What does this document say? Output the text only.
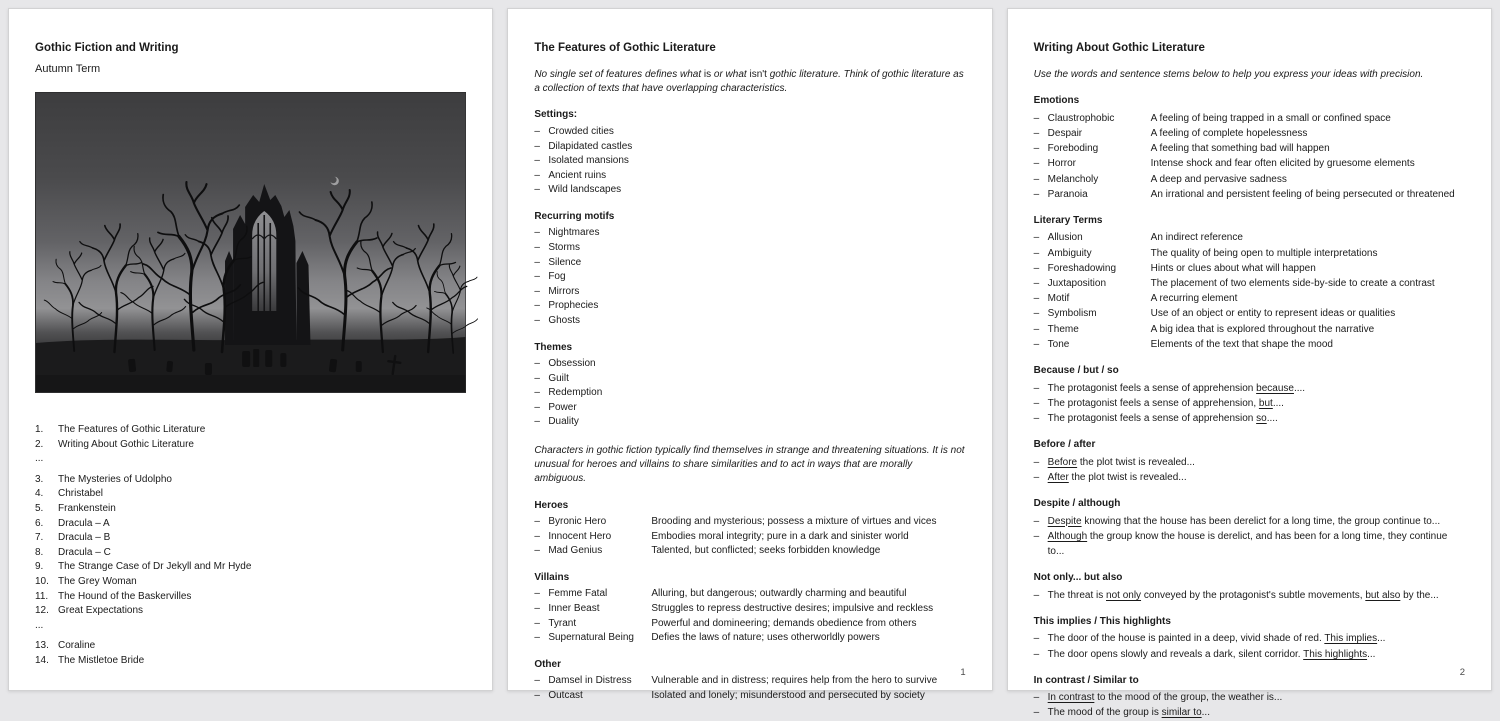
Gothic Fiction and Writing
Autumn Term
1.	The Features of Gothic Literature
2.	Writing About Gothic Literature
...
3.	The Mysteries of Udolpho
4.	Christabel
5.	Frankenstein
6.	Dracula – A
7.	Dracula – B
8.	Dracula – C
9.	The Strange Case of Dr Jekyll and Mr Hyde
10. The Grey Woman
11. The Hound of the Baskervilles
12. Great Expectations
...
13. Coraline
14. The Mistletoe Bride
The Features of Gothic Literature

No single set of features defines what is or what isn't gothic literature. Think of gothic literature as a collection of texts that have overlapping characteristics.

Settings:
– Crowded cities
– Dilapidated castles
– Isolated mansions
– Ancient ruins
– Wild landscapes
Recurring motifs
– Nightmares
– Storms
– Silence
– Fog
– Mirrors
– Prophecies
– Ghosts
Themes
– Obsession
– Guilt
– Redemption
– Power
– Duality

Characters in gothic fiction typically find themselves in strange and threatening situations. It is not unusual for heroes and villains to share similarities and to act in ways that are morally ambiguous.

Heroes
– Byronic Hero	Brooding and mysterious; possess a mixture of virtues and vices
– Innocent Hero	Embodies moral integrity; pure in a dark and sinister world
– Mad Genius	Talented, but conflicted; seeks forbidden knowledge
Villains
– Femme Fatal	Alluring, but dangerous; outwardly charming and beautiful
– Inner Beast	Struggles to repress destructive desires; impulsive and reckless
– Tyrant	Powerful and domineering; demands obedience from others
– Supernatural Being	Defies the laws of nature; uses otherworldly powers
Other
– Damsel in Distress	Vulnerable and in distress; requires help from the hero to survive
– Outcast	Isolated and lonely; misunderstood and persecuted by society
1
Writing About Gothic Literature

Use the words and sentence stems below to help you express your ideas with precision.

Emotions
– Claustrophobic	A feeling of being trapped in a small or confined space
– Despair	A feeling of complete hopelessness
– Foreboding	A feeling that something bad will happen
– Horror	Intense shock and fear often elicited by gruesome elements
– Melancholy	A deep and pervasive sadness
– Paranoia	An irrational and persistent feeling of being persecuted or threatened
Literary Terms
– Allusion	An indirect reference
– Ambiguity	The quality of being open to multiple interpretations
– Foreshadowing	Hints or clues about what will happen
– Juxtaposition	The placement of two elements side-by-side to create a contrast
– Motif	A recurring element
– Symbolism	Use of an object or entity to represent ideas or qualities
– Theme	A big idea that is explored throughout the narrative
– Tone	Elements of the text that shape the mood
Because / but / so
– The protagonist feels a sense of apprehension because....
– The protagonist feels a sense of apprehension, but....
– The protagonist feels a sense of apprehension so....
Before / after
– Before the plot twist is revealed...
– After the plot twist is revealed...
Despite / although
– Despite knowing that the house has been derelict for a long time, the group continue to...
– Although the group know the house is derelict, and has been for a long time, they continue to...
Not only... but also
– The threat is not only conveyed by the protagonist's subtle movements, but also by the...
This implies / This highlights
– The door of the house is painted in a deep, vivid shade of red. This implies...
– The door opens slowly and reveals a dark, silent corridor. This highlights...
In contrast / Similar to
– In contrast to the mood of the group, the weather is...
– The mood of the group is similar to...
2
